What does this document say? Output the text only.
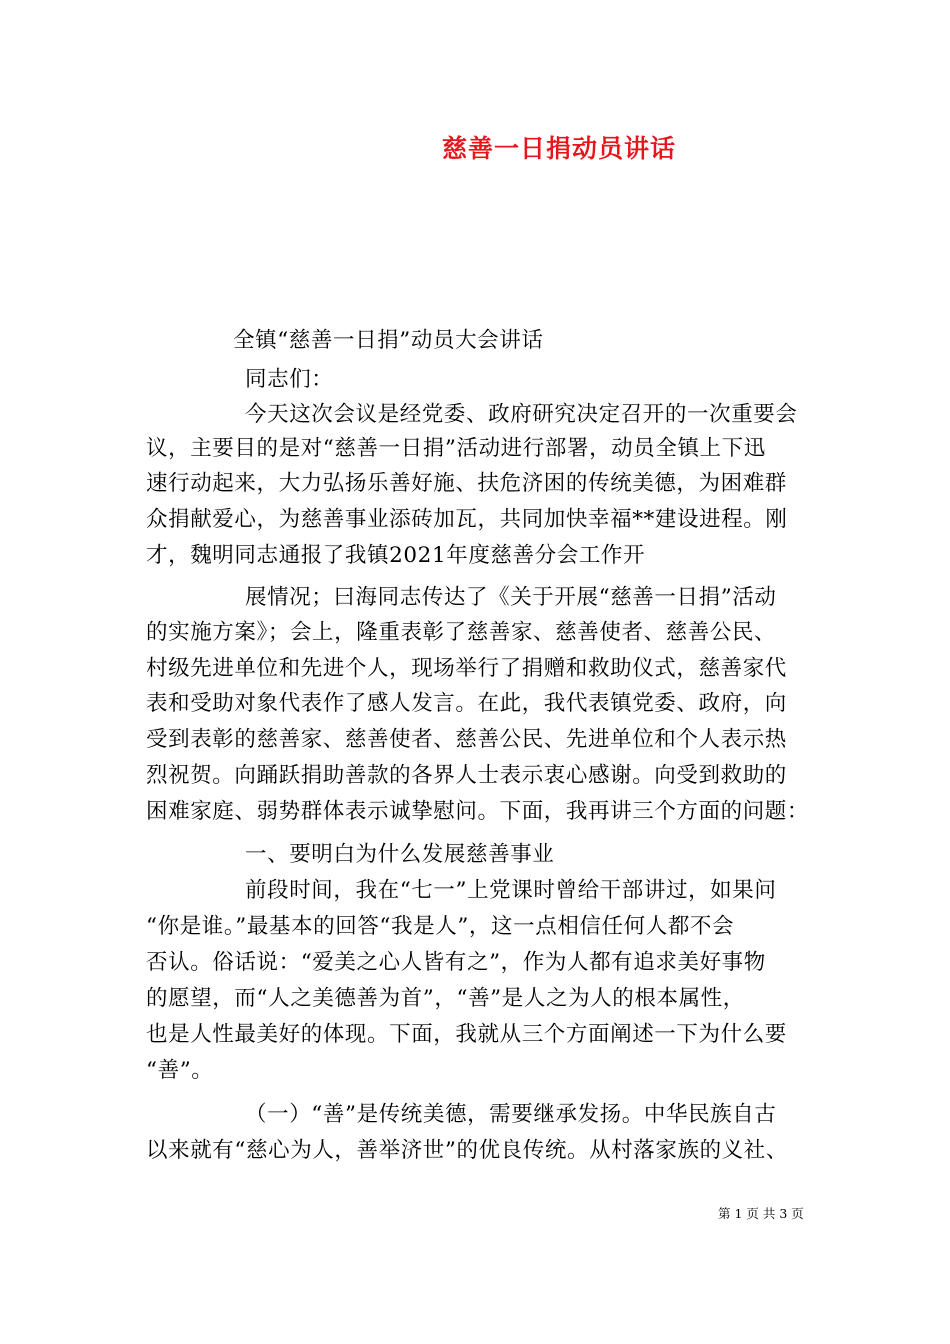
慈善一日捐动员讲话
全镇“慈善一日捐”动员大会讲话
同志们：
今天这次会议是经党委、政府研究决定召开的一次重要会
议，主要目的是对“慈善一日捐”活动进行部署，动员全镇上下迅
速行动起来，大力弘扬乐善好施、扶危济困的传统美德，为困难群
众捐献爱心，为慈善事业添砖加瓦，共同加快幸福**建设进程。刚
才，魏明同志通报了我镇2021年度慈善分会工作开
展情况；曰海同志传达了《关于开展“慈善一日捐”活动
的实施方案》；会上，隆重表彰了慈善家、慈善使者、慈善公民、
村级先进单位和先进个人，现场举行了捐赠和救助仪式，慈善家代
表和受助对象代表作了感人发言。在此，我代表镇党委、政府，向
受到表彰的慈善家、慈善使者、慈善公民、先进单位和个人表示热
烈祝贺。向踊跃捐助善款的各界人士表示衷心感谢。向受到救助的
困难家庭、弱势群体表示诚挚慰问。下面，我再讲三个方面的问题：
一、要明白为什么发展慈善事业
前段时间，我在“七一”上党课时曾给干部讲过，如果问
“你是谁。”最基本的回答“我是人”，这一点相信任何人都不会
否认。俗话说：“爱美之心人皆有之”，作为人都有追求美好事物
的愿望，而“人之美德善为首”，“善”是人之为人的根本属性，
也是人性最美好的体现。下面，我就从三个方面阐述一下为什么要
“善”。
（一）“善”是传统美德，需要继承发扬。中华民族自古
以来就有“慈心为人，善举济世”的优良传统。从村落家族的义社、
第 1 页 共 3 页
